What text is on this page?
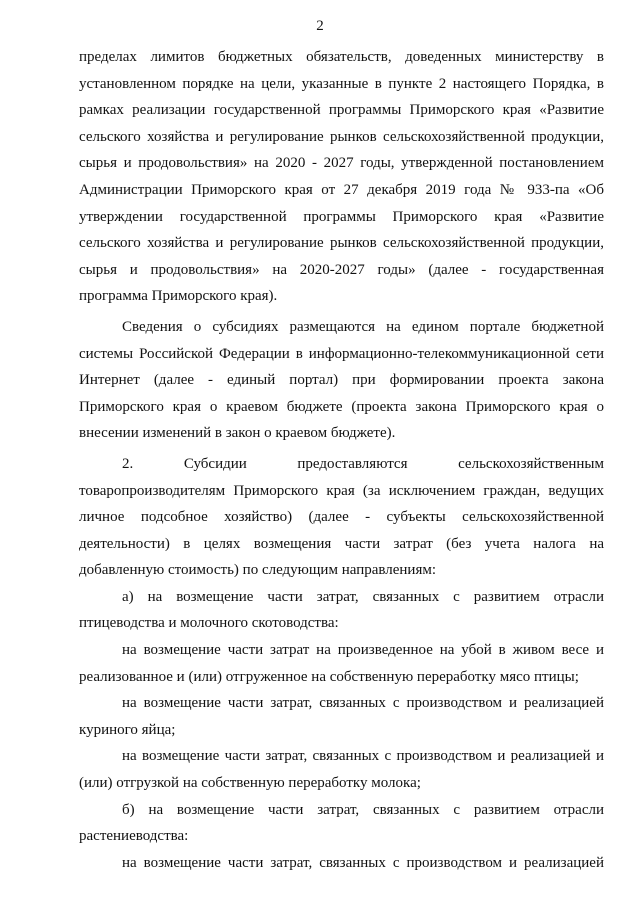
2

пределах лимитов бюджетных обязательств, доведенных министерству в установленном порядке на цели, указанные в пункте 2 настоящего Порядка, в рамках реализации государственной программы Приморского края «Развитие сельского хозяйства и регулирование рынков сельскохозяйственной продукции, сырья и продовольствия» на 2020 - 2027 годы, утвержденной постановлением Администрации Приморского края от 27 декабря 2019 года № 933-па «Об утверждении государственной программы Приморского края «Развитие сельского хозяйства и регулирование рынков сельскохозяйственной продукции, сырья и продовольствия» на 2020-2027 годы» (далее - государственная программа Приморского края).

Сведения о субсидиях размещаются на едином портале бюджетной системы Российской Федерации в информационно-телекоммуникационной сети Интернет (далее - единый портал) при формировании проекта закона Приморского края о краевом бюджете (проекта закона Приморского края о внесении изменений в закон о краевом бюджете).

2. Субсидии предоставляются сельскохозяйственным товаропроизводителям Приморского края (за исключением граждан, ведущих личное подсобное хозяйство) (далее - субъекты сельскохозяйственной деятельности) в целях возмещения части затрат (без учета налога на добавленную стоимость) по следующим направлениям:

а) на возмещение части затрат, связанных с развитием отрасли птицеводства и молочного скотоводства:

на возмещение части затрат на произведенное на убой в живом весе и реализованное и (или) отгруженное на собственную переработку мясо птицы;

на возмещение части затрат, связанных с производством и реализацией куриного яйца;

на возмещение части затрат, связанных с производством и реализацией и (или) отгрузкой на собственную переработку молока;

б) на возмещение части затрат, связанных с развитием отрасли растениеводства:

на возмещение части затрат, связанных с производством и реализацией
